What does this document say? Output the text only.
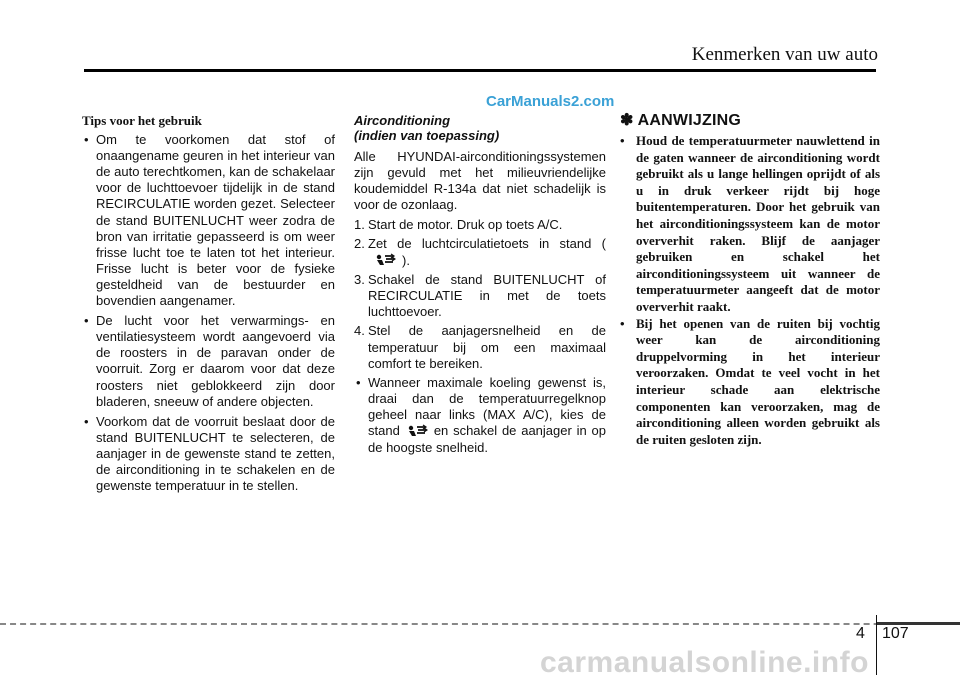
Kenmerken van uw auto
CarManuals2.com
Tips voor het gebruik
• Om te voorkomen dat stof of onaangename geuren in het interieur van de auto terechtkomen, kan de schakelaar voor de luchttoevoer tijdelijk in de stand RECIRCULATIE worden gezet. Selecteer de stand BUITENLUCHT weer zodra de bron van irritatie gepasseerd is om weer frisse lucht toe te laten tot het interieur. Frisse lucht is beter voor de fysieke gesteldheid van de bestuurder en bovendien aangenamer.
• De lucht voor het verwarmings- en ventilatiesysteem wordt aangevoerd via de roosters in de paravan onder de voorruit. Zorg er daarom voor dat deze roosters niet geblokkeerd zijn door bladeren, sneeuw of andere objecten.
• Voorkom dat de voorruit beslaat door de stand BUITENLUCHT te selecteren, de aanjager in de gewenste stand te zetten, de airconditioning in te schakelen en de gewenste temperatuur in te stellen.
Airconditioning
(indien van toepassing)
Alle HYUNDAI-airconditioningssystemen zijn gevuld met het milieuvriendelijke koudemiddel R-134a dat niet schadelijk is voor de ozonlaag.
1. Start de motor. Druk op toets A/C.
2. Zet de luchtcirculatietoets in stand ().
3. Schakel de stand BUITENLUCHT of RECIRCULATIE in met de toets luchttoevoer.
4. Stel de aanjagersnelheid en de temperatuur bij om een maximaal comfort te bereiken.
• Wanneer maximale koeling gewenst is, draai dan de temperatuurregelknop geheel naar links (MAX A/C), kies de stand	en schakel de aanjager in op de hoogste snelheid.
✽ AANWIJZING
• Houd de temperatuurmeter nauwlettend in de gaten wanneer de airconditioning wordt gebruikt als u lange hellingen oprijdt of als u in druk verkeer rijdt bij hoge buitentemperaturen. Door het gebruik van het airconditioningssysteem kan de motor oververhit raken. Blijf de aanjager gebruiken en schakel het airconditioningssysteem uit wanneer de temperatuurmeter aangeeft dat de motor oververhit raakt.
• Bij het openen van de ruiten bij vochtig weer kan de airconditioning druppelvorming in het interieur veroorzaken. Omdat te veel vocht in het interieur schade aan elektrische componenten kan veroorzaken, mag de airconditioning alleen worden gebruikt als de ruiten gesloten zijn.
4 107
carmanualsonline.info
